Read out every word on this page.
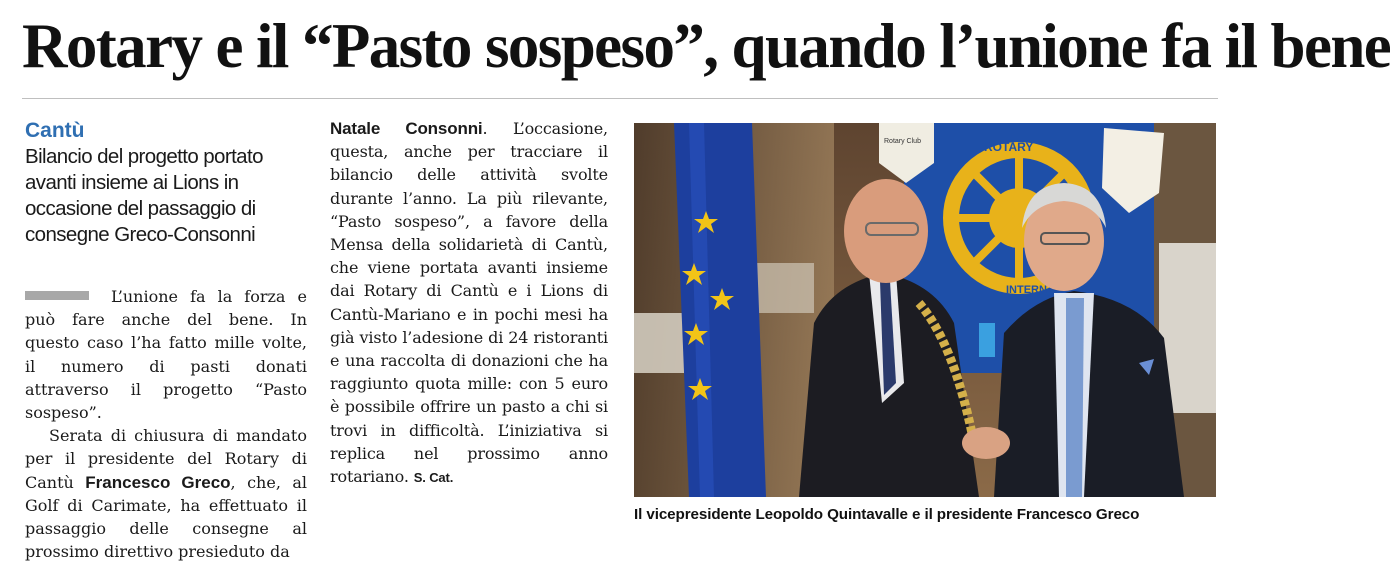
Rotary e il “Pasto sospeso”, quando l’unione fa il bene
Cantù
Bilancio del progetto portato avanti insieme ai Lions in occasione del passaggio di consegne Greco-Consonni

L’unione fa la forza e può fare anche del bene. In questo caso l’ha fatto mille volte, il numero di pasti donati attraverso il progetto “Pasto sospeso”.

Serata di chiusura di mandato per il presidente del Rotary di Cantù Francesco Greco, che, al Golf di Carimate, ha effettuato il passaggio delle consegne al prossimo direttivo presieduto da

Natale Consonni. L’occasione, questa, anche per tracciare il bilancio delle attività svolte durante l’anno. La più rilevante, “Pasto sospeso”, a favore della Mensa della solidarietà di Cantù, che viene portata avanti insieme dai Rotary di Cantù e i Lions di Cantù-Mariano e in pochi mesi ha già visto l’adesione di 24 ristoranti e una raccolta di donazioni che ha raggiunto quota mille: con 5 euro è possibile offrire un pasto a chi si trovi in difficoltà. L’iniziativa si replica nel prossimo anno rotariano. S. Cat.

ROTARY
INTERN
Rotary Club
Il vicepresidente Leopoldo Quintavalle e il presidente Francesco Greco
